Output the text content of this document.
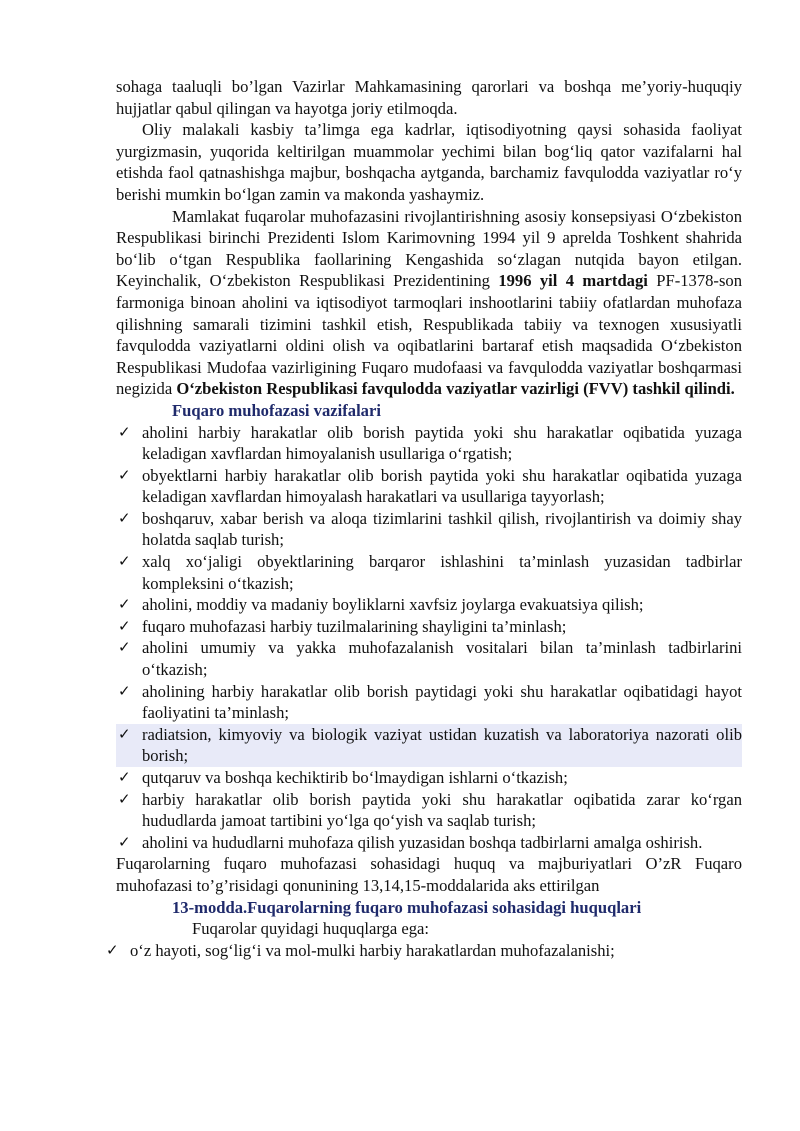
sohaga taaluqli bo’lgan Vazirlar Mahkamasining qarorlari va boshqa me’yoriy-huquqiy hujjatlar qabul qilingan va hayotga joriy etilmoqda.

Oliy malakali kasbiy ta’limga ega kadrlar, iqtisodiyotning qaysi sohasida faoliyat yurgizmasin, yuqorida keltirilgan muammolar yechimi bilan bog‘liq qator vazifalarni hal etishda faol qatnashishga majbur, boshqacha aytganda, barchamiz favqulodda vaziyatlar ro‘y berishi mumkin bo‘lgan zamin va makonda yashaymiz.

Mamlakat fuqarolar muhofazasini rivojlantirishning asosiy konsepsiyasi O‘zbekiston Respublikasi birinchi Prezidenti Islom Karimovning 1994 yil 9 aprelda Toshkent shahrida bo‘lib o‘tgan Respublika faollarining Kengashida so‘zlagan nutqida bayon etilgan. Keyinchalik, O‘zbekiston Respublikasi Prezidentining 1996 yil 4 martdagi PF-1378-son farmoniga binoan aholini va iqtisodiyot tarmoqlari inshootlarini tabiiy ofatlardan muhofaza qilishning samarali tizimini tashkil etish, Respublikada tabiiy va texnogen xususiyatli favqulodda vaziyatlarni oldini olish va oqibatlarini bartaraf etish maqsadida O‘zbekiston Respublikasi Mudofaa vazirligining Fuqaro mudofaasi va favqulodda vaziyatlar boshqarmasi negizida O‘zbekiston Respublikasi favqulodda vaziyatlar vazirligi (FVV) tashkil qilindi.

Fuqaro muhofazasi vazifalari

✓ aholini harbiy harakatlar olib borish paytida yoki shu harakatlar oqibatida yuzaga keladigan xavflardan himoyalanish usullariga o‘rgatish;
✓ obyektlarni harbiy harakatlar olib borish paytida yoki shu harakatlar oqibatida yuzaga keladigan xavflardan himoyalash harakatlari va usullariga tayyorlash;
✓ boshqaruv, xabar berish va aloqa tizimlarini tashkil qilish, rivojlantirish va doimiy shay holatda saqlab turish;
✓ xalq xo‘jaligi obyektlarining barqaror ishlashini ta’minlash yuzasidan tadbirlar kompleksini o‘tkazish;
✓ aholini, moddiy va madaniy boyliklarni xavfsiz joylarga evakuatsiya qilish;
✓ fuqaro muhofazasi harbiy tuzilmalarining shayligini ta’minlash;
✓ aholini umumiy va yakka muhofazalanish vositalari bilan ta’minlash tadbirlarini o‘tkazish;
✓ aholining harbiy harakatlar olib borish paytidagi yoki shu harakatlar oqibatidagi hayot faoliyatini ta’minlash;
✓ radiatsion, kimyoviy va biologik vaziyat ustidan kuzatish va laboratoriya nazorati olib borish;
✓ qutqaruv va boshqa kechiktirib bo‘lmaydigan ishlarni o‘tkazish;
✓ harbiy harakatlar olib borish paytida yoki shu harakatlar oqibatida zarar ko‘rgan hududlarda jamoat tartibini yo‘lga qo‘yish va saqlab turish;
✓ aholini va hududlarni muhofaza qilish yuzasidan boshqa tadbirlarni amalga oshirish.

Fuqarolarning fuqaro muhofazasi sohasidagi huquq va majburiyatlari O’zR Fuqaro muhofazasi to’g’risidagi qonunining 13,14,15-moddalarida aks ettirilgan

13-modda.Fuqarolarning fuqaro muhofazasi sohasidagi huquqlari

Fuqarolar quyidagi huquqlarga ega:

✓ o‘z hayoti, sog‘lig‘i va mol-mulki harbiy harakatlardan muhofazalanishi;
